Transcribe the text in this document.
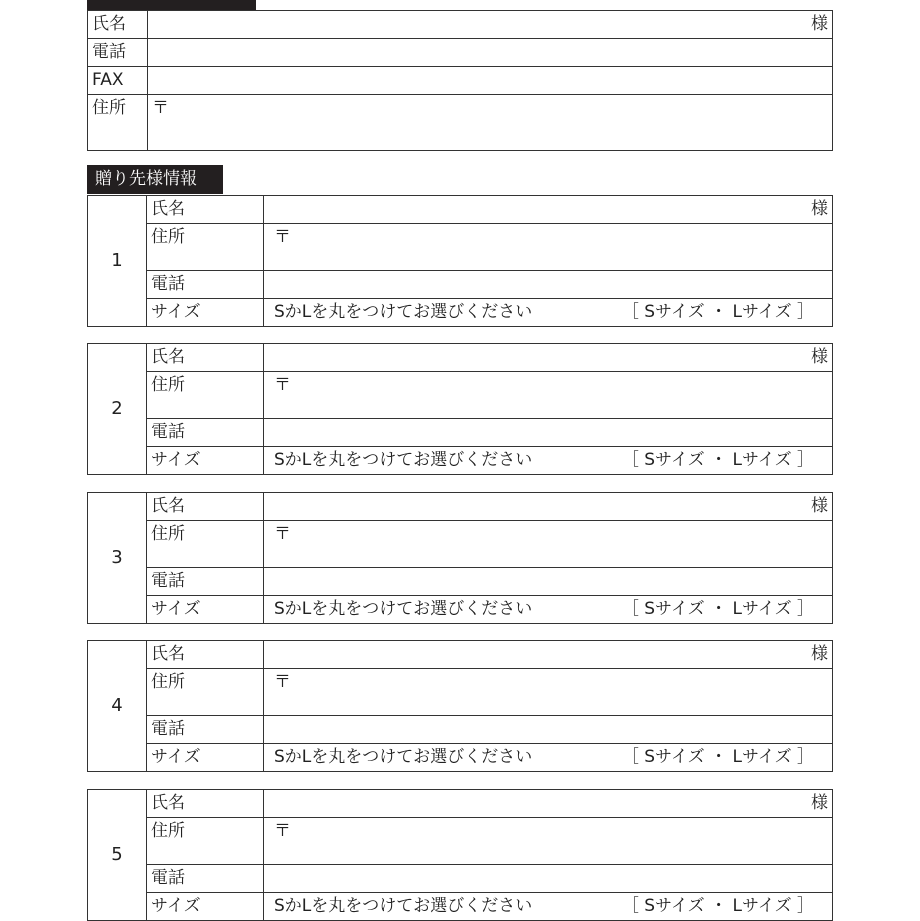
氏名	様

電話	
FAX	
住所	〒
贈り先様情報
1	氏名	様

	住所	〒
	電話	
	サイズ	SかLを丸をつけてお選びください ［ Sサイズ ・ Lサイズ ］
2	氏名	様

	住所	〒
	電話	
	サイズ	SかLを丸をつけてお選びください ［ Sサイズ ・ Lサイズ ］
3	氏名	様

	住所	〒
	電話	
	サイズ	SかLを丸をつけてお選びください ［ Sサイズ ・ Lサイズ ］
4	氏名	様

	住所	〒
	電話	
	サイズ	SかLを丸をつけてお選びください ［ Sサイズ ・ Lサイズ ］
5	氏名	様

	住所	〒
	電話	
	サイズ	SかLを丸をつけてお選びください ［ Sサイズ ・ Lサイズ ］
